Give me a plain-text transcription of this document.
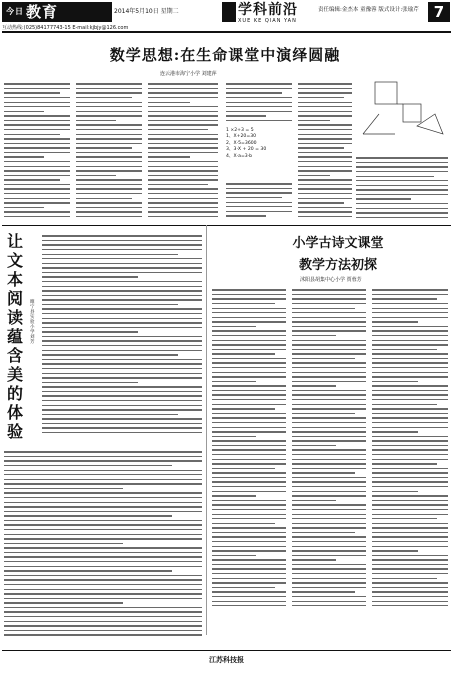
$^{今日}$ 教育	2014年5月10日 星期二
互动热线:(025)84177743-15 E-mail:kjbjy@126.com
学科前沿
XUE KE QIAN YAN
责任编辑:金杰本 童豫蓉 版式设计:张瑜芹	7
数学思想:在生命课堂中演绎圆融
连云港市海宁小学 刘建萍
1 ×2+3 = 5
1、X+20=30
2、X·5=3600
3、3·X + 20 = 30
4、X·a=3·b
让文本阅读蕴含美的体验
睢宁县实验小学 刘 芳
小学古诗文课堂
教学方法初探
沭阳县胡集中心小学 贾蓉芳
江苏科技报
